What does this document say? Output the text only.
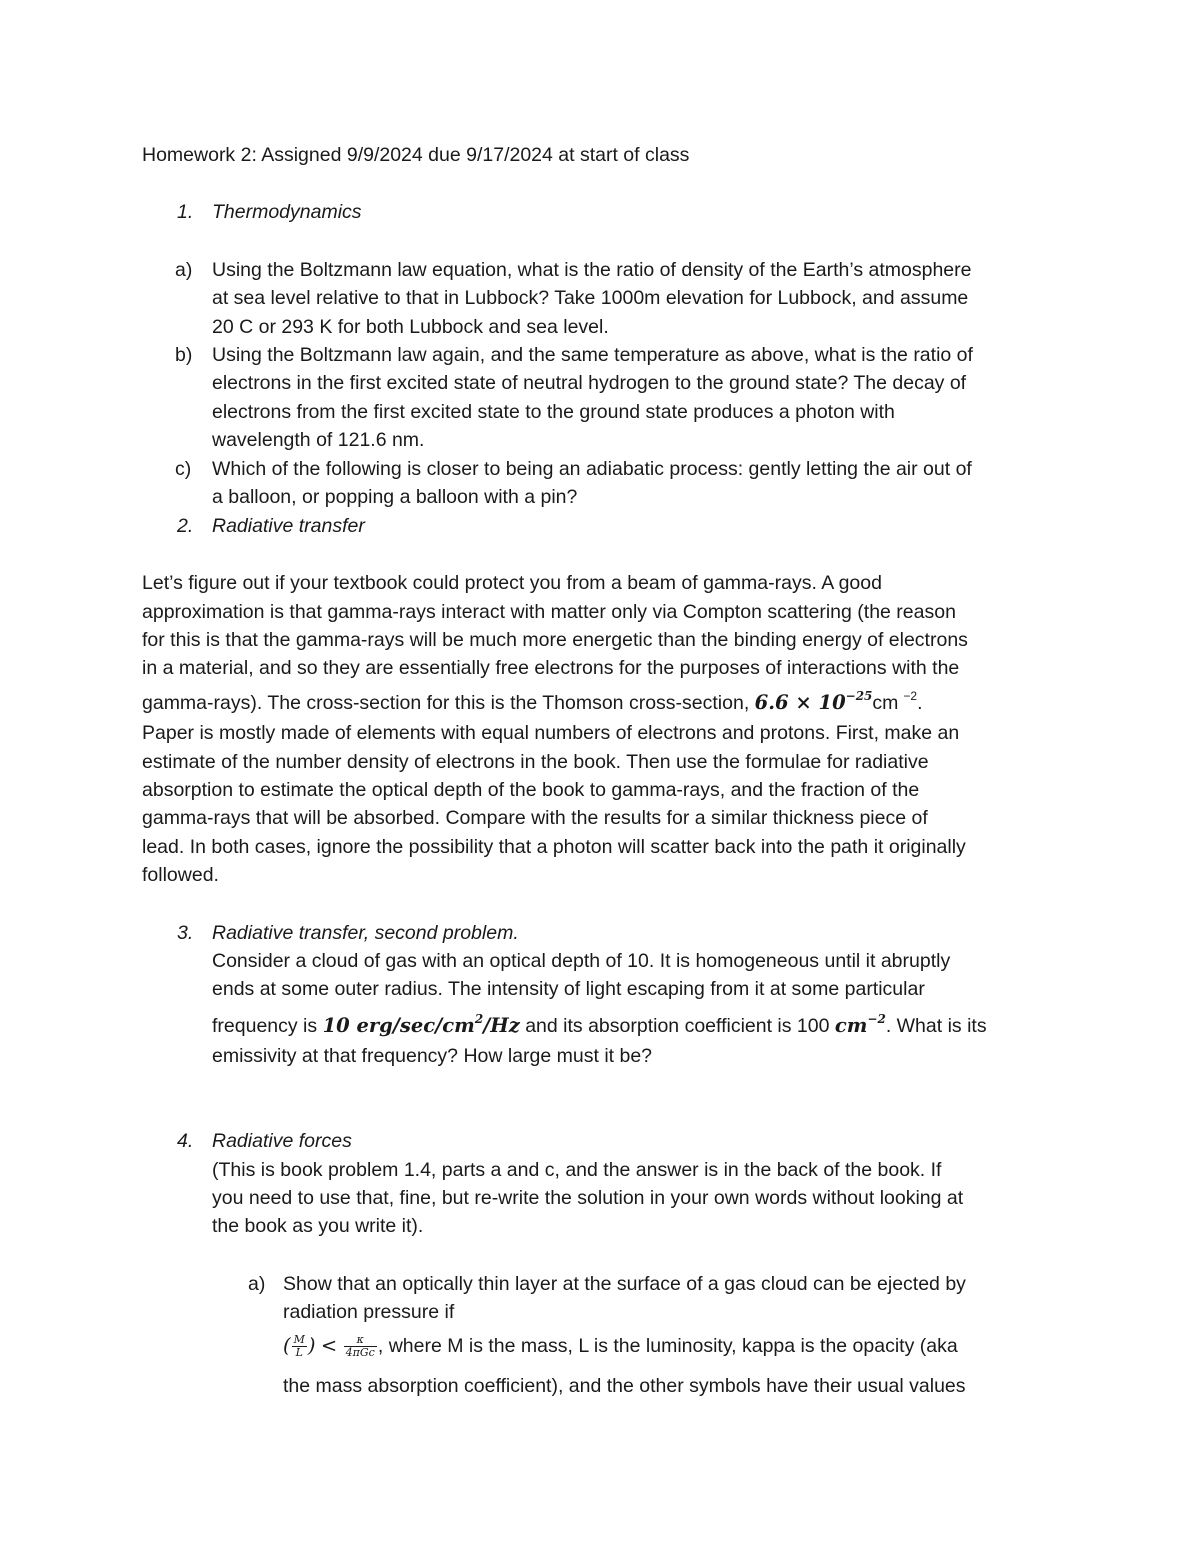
Homework 2: Assigned 9/9/2024 due 9/17/2024 at start of class
1. Thermodynamics
a) Using the Boltzmann law equation, what is the ratio of density of the Earth’s atmosphere
at sea level relative to that in Lubbock? Take 1000m elevation for Lubbock, and assume
20 C or 293 K for both Lubbock and sea level.
b) Using the Boltzmann law again, and the same temperature as above, what is the ratio of
electrons in the first excited state of neutral hydrogen to the ground state? The decay of
electrons from the first excited state to the ground state produces a photon with
wavelength of 121.6 nm.
c) Which of the following is closer to being an adiabatic process: gently letting the air out of
a balloon, or popping a balloon with a pin?
2. Radiative transfer
Let’s figure out if your textbook could protect you from a beam of gamma-rays. A good
approximation is that gamma-rays interact with matter only via Compton scattering (the reason
for this is that the gamma-rays will be much more energetic than the binding energy of electrons
in a material, and so they are essentially free electrons for the purposes of interactions with the
gamma-rays). The cross-section for this is the Thomson cross-section, $6.6 \times 10^{-25}cm$ $^{-2}$.
Paper is mostly made of elements with equal numbers of electrons and protons. First, make an
estimate of the number density of electrons in the book. Then use the formulae for radiative
absorption to estimate the optical depth of the book to gamma-rays, and the fraction of the
gamma-rays that will be absorbed. Compare with the results for a similar thickness piece of
lead. In both cases, ignore the possibility that a photon will scatter back into the path it originally
followed.
3. Radiative transfer, second problem.
Consider a cloud of gas with an optical depth of 10. It is homogeneous until it abruptly
ends at some outer radius. The intensity of light escaping from it at some particular
frequency is 10 erg/$\sec/cm^2/Hz$ and its absorption coefficient is 100 $cm^{-2}$. What is its
emissivity at that frequency? How large must it be?
4. Radiative forces
(This is book problem 1.4, parts a and c, and the answer is in the back of the book. If
you need to use that, fine, but re-write the solution in your own words without looking at
the book as you write it).
a) Show that an optically thin layer at the surface of a gas cloud can be ejected by
radiation pressure if
( $\frac{M}{L}$ ) < $\frac{\kappa}{\text{4πGc}}$ , where M is the mass, L is the luminosity, kappa is the opacity (aka
the mass absorption coefficient), and the other symbols have their usual values
